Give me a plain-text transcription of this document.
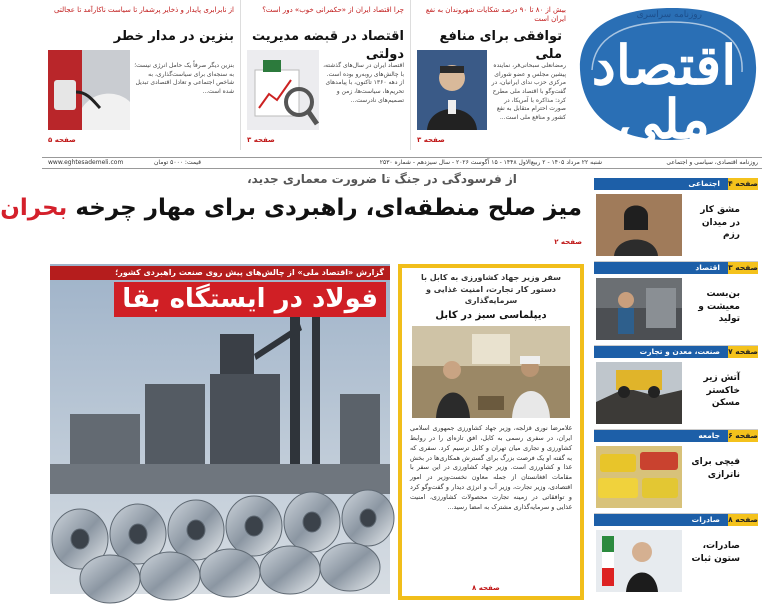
روزنامه سراسری
اقتصاد ملی
بیش از ۸۰ تا ۹۰ درصد شکایات شهروندان به نفع ایران است
توافقی برای منافع ملی
رمضانعلی سبحانی‌فر، نماینده پیشین مجلس و عضو شورای مرکزی حزب ندای ایرانیان، در گفت‌وگو با اقتصاد ملی مطرح کرد: مذاکره با آمریکا، در صورت احترام متقابل به نفع کشور و منافع ملی است...
صفحه ۳
چرا اقتصاد ایران از «حکمرانی خوب» دور است؟
اقتصاد در قبضه مدیریت دولتی
اقتصاد ایران در سال‌های گذشته، با چالش‌های روبه‌رو بوده است. از دهه ۱۳۶۰ تاکنون، با پیامدهای تحریم‌ها، سیاست‌ها، زمن و تصمیم‌های نادرست...
صفحه ۳
از نابرابری پایدار و ذخایر پرشمار تا سیاست ناکارآمد تا عجالتی
بنزین در مدار خطر
بنزین دیگر صرفاً یک حامل انرژی نیست؛ به سنجه‌ای برای سیاست‌گذاری، به شاخص اجتماعی و تعادل اقتصادی تبدیل شده است...
صفحه ۵
روزنامه اقتصادی، سیاسی و اجتماعی
شنبه ۲۲ مرداد ۱۴۰۵ - ۲ ربیع‌الاول ۱۴۴۸ - ۱۵ آگوست ۲۰۲۶ - سال سیزدهم - شماره ۲۵۳۰
قیمت: ۵۰۰۰ تومان
www.eghtesademeli.com
از فرسودگی در جنگ تا ضرورت معماری جدید،
میز صلح منطقه‌ای، راهبردی برای مهار چرخه بحران
صفحه ۲
گزارش «اقتصاد ملی» از چالش‌های پیش روی صنعت راهبردی کشور؛
فولاد در ایستگاه بقا
سفر وزیر جهاد کشاورزی به کابل با دستور کار تجارت، امنیت غذایی و سرمایه‌گذاری
دیپلماسی سبز در کابل
غلامرضا نوری قزلجه، وزیر جهاد کشاورزی جمهوری اسلامی ایران، در سفری رسمی به کابل، افق تازه‌ای را در روابط کشاورزی و تجاری میان تهران و کابل ترسیم کرد. سفری که به گفته او یک فرصت بزرگ برای گسترش همکاری‌ها در بخش غذا و کشاورزی است. وزیر جهاد کشاورزی در این سفر با مقامات افغانستان از جمله معاون نخست‌وزیر در امور اقتصادی، وزیر تجارت، وزیر آب و انرژی دیدار و گفت‌وگو کرد و توافقاتی در زمینه تجارت محصولات کشاورزی، امنیت غذایی و سرمایه‌گذاری مشترک به امضا رسید...
صفحه ۸
صفحه ۴
اجتماعی
مشق کار در میدان رزم
صفحه ۳
اقتصاد
بن‌بست معیشت و تولید
صفحه ۷
صنعت، معدن و تجارت
آتش زیر خاکستر مسکن
صفحه ۶
جامعه
فیچی برای ناترازی
صفحه ۸
صادرات
صادرات، ستون ثبات
